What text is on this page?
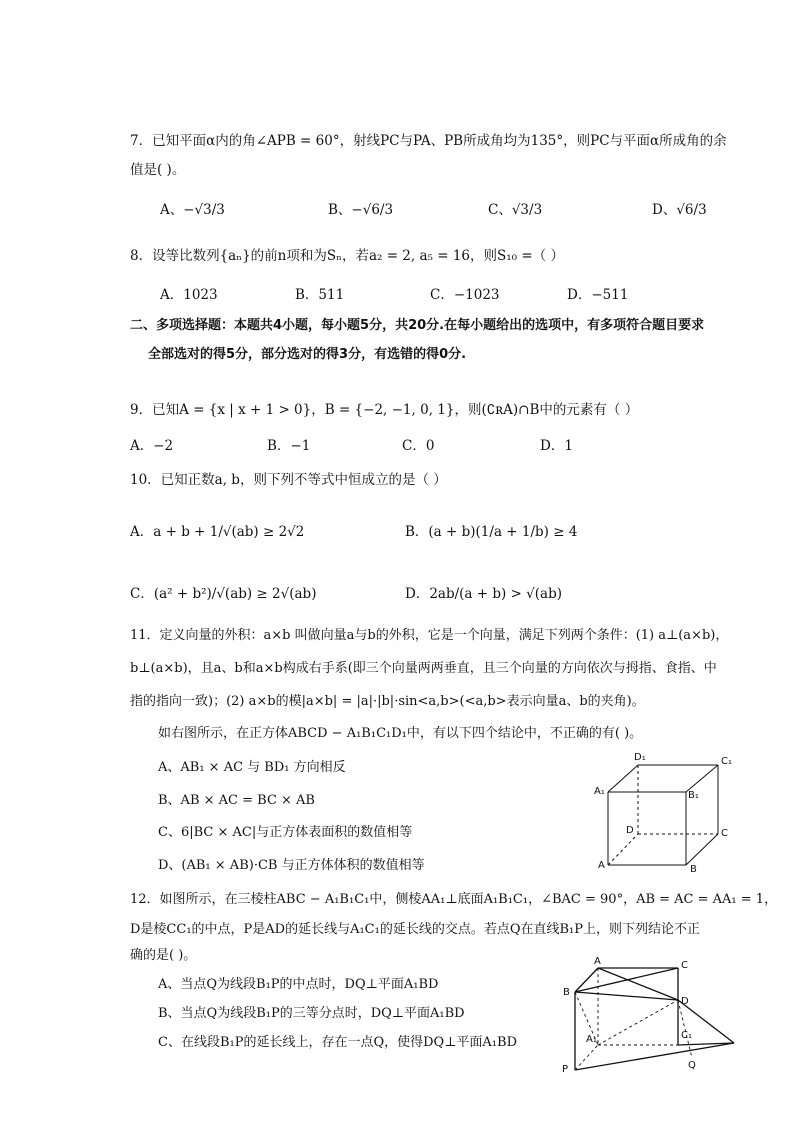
7．已知平面α内的角∠APB = 60°，射线PC与PA、PB所成角均为135°，则PC与平面α所成角的余
值是( )。
A、−√3/3	B、−√6/3	C、√3/3	D、√6/3
8．设等比数列{aₙ}的前n项和为Sₙ，若a₂ = 2, a₅ = 16，则S₁₀ =（ ）
A．1023	B．511	C．−1023	D．−511
二、多项选择题：本题共4小题，每小题5分，共20分.在每小题给出的选项中，有多项符合题目要求
全部选对的得5分，部分选对的得3分，有选错的得0分.
9．已知A = {x | x + 1 > 0}，B = {−2, −1, 0, 1}，则(∁ʀA)∩B中的元素有（ ）
A．−2	B．−1	C．0	D．1
10．已知正数a, b，则下列不等式中恒成立的是（ ）
A．a + b + 1/√(ab) ≥ 2√2	B．(a + b)(1/a + 1/b) ≥ 4
C．(a² + b²)/√(ab) ≥ 2√(ab)	D．2ab/(a + b) > √(ab)
11．定义向量的外积：a×b 叫做向量a与b的外积，它是一个向量，满足下列两个条件：(1) a⊥(a×b)，
b⊥(a×b)，且a、b和a×b构成右手系(即三个向量两两垂直，且三个向量的方向依次与拇指、食指、中
指的指向一致)；(2) a×b的模|a×b| = |a|·|b|·sin<a,b>(<a,b>表示向量a、b的夹角)。
如右图所示，在正方体ABCD − A₁B₁C₁D₁中，有以下四个结论中，不正确的有( )。
A、AB₁ × AC 与 BD₁ 方向相反
B、AB × AC = BC × AB
C、6|BC × AC|与正方体表面积的数值相等
D、(AB₁ × AB)·CB 与正方体体积的数值相等
D₁	C₁
A₁	B₁
D	C
A	B
12．如图所示，在三棱柱ABC − A₁B₁C₁中，侧棱AA₁⊥底面A₁B₁C₁，∠BAC = 90°，AB = AC = AA₁ = 1，
D是棱CC₁的中点，P是AD的延长线与A₁C₁的延长线的交点。若点Q在直线B₁P上，则下列结论不正
确的是( )。
A、当点Q为线段B₁P的中点时，DQ⊥平面A₁BD
B、当点Q为线段B₁P的三等分点时，DQ⊥平面A₁BD
C、在线段B₁P的延长线上，存在一点Q，使得DQ⊥平面A₁BD
A	C
B
D
C₁
A₁
Q
P
